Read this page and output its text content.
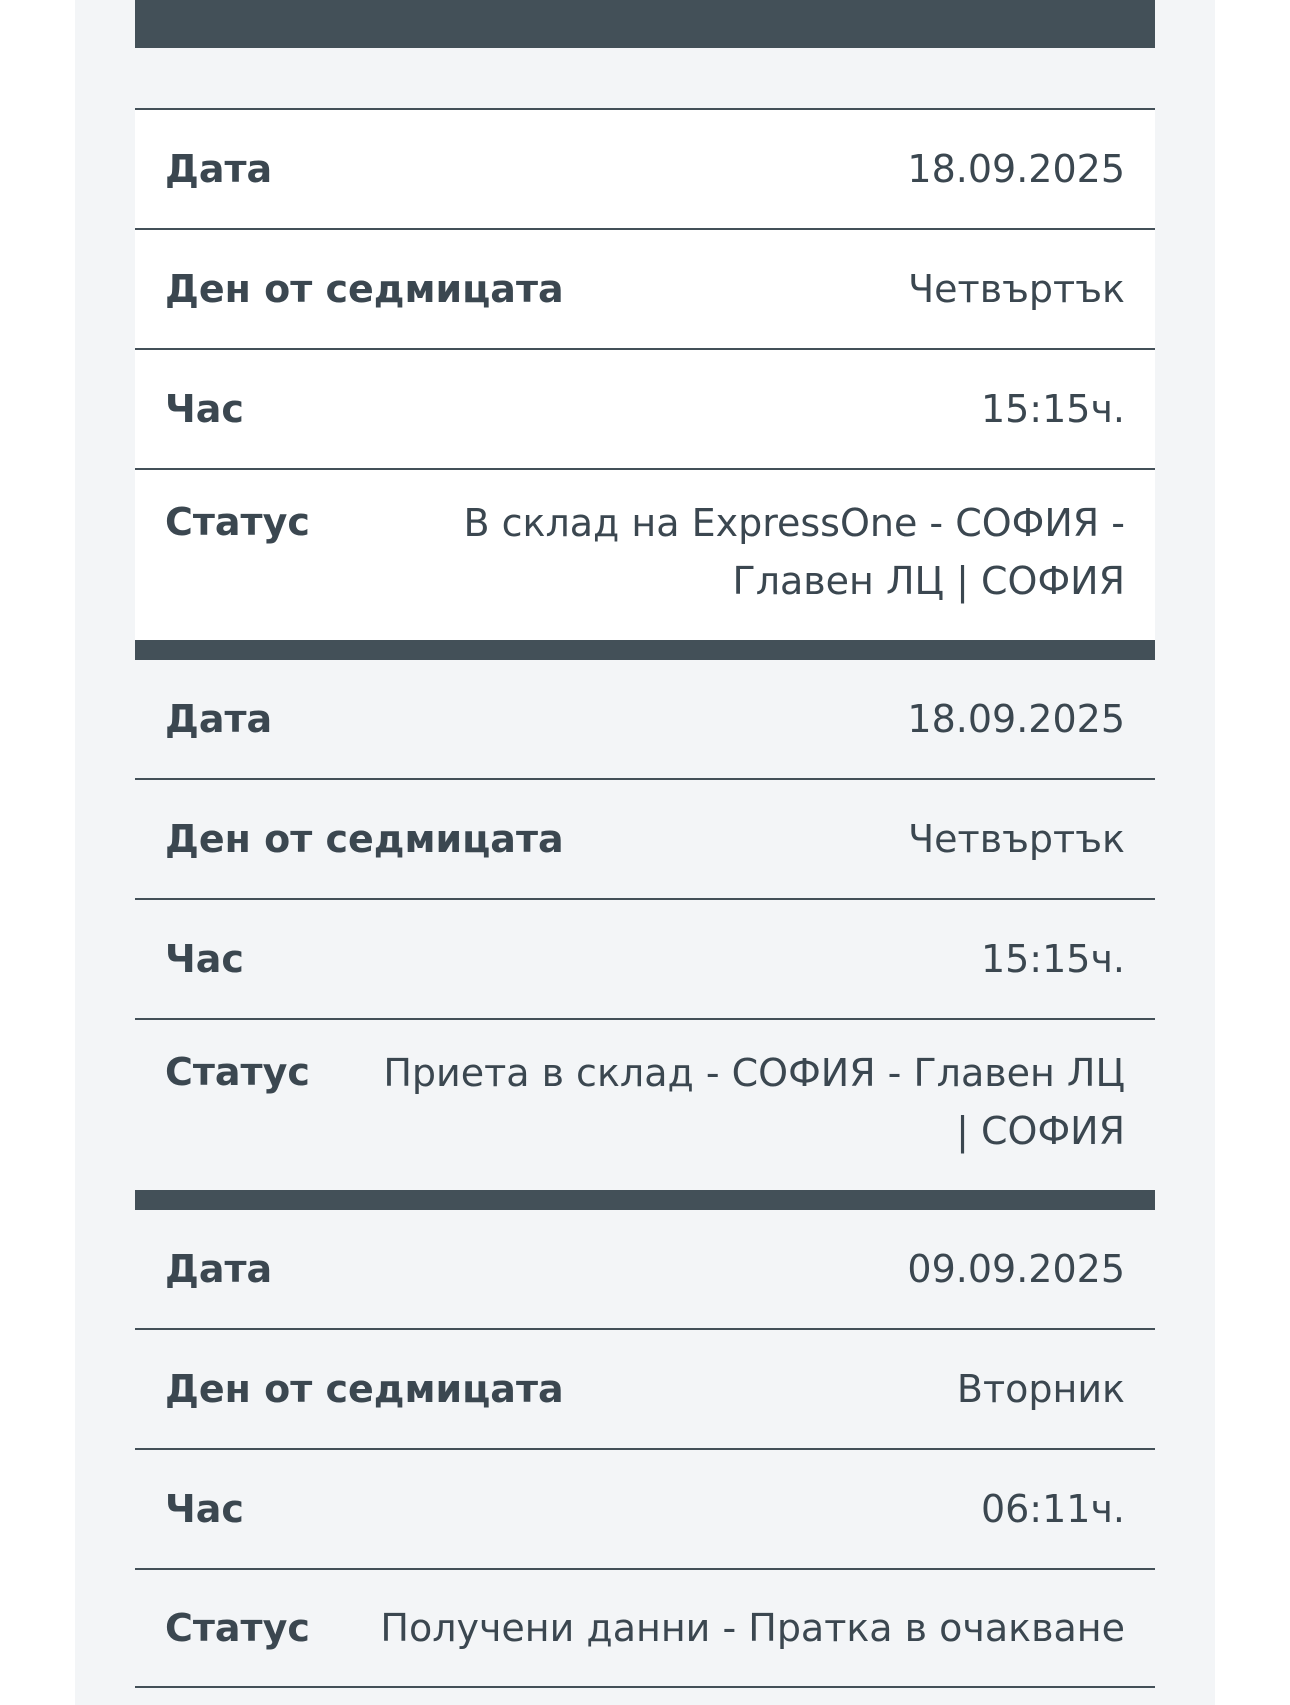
Дата	18.09.2025
Ден от седмицата	Четвъртък
Час	15:15ч.
Статус	В склад на ExpressOne - СОФИЯ - Главен ЛЦ | СОФИЯ
Дата	18.09.2025
Ден от седмицата	Четвъртък
Час	15:15ч.
Статус	Приета в склад - СОФИЯ - Главен ЛЦ | СОФИЯ
Дата	09.09.2025
Ден от седмицата	Вторник
Час	06:11ч.
Статус Получени данни - Пратка в очакване
